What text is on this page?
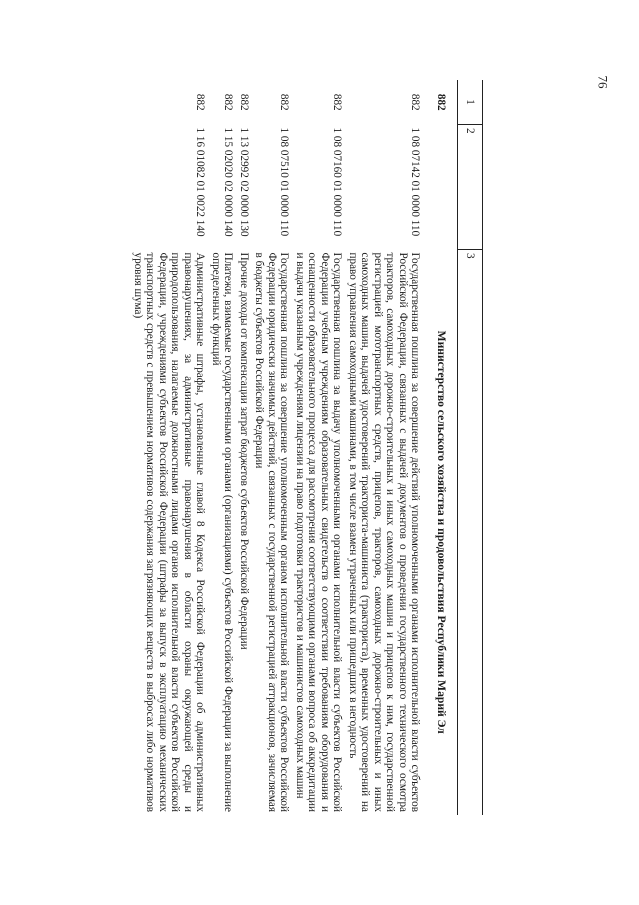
76
1	2	3
882		Министерство сельского хозяйства и продовольствия Республики Марий Эл
882	1 08 07142 01 0000 110	Государственная пошлина за совершение действий уполномоченными органами исполнительной власти субъектов Российской Федерации, связанных с выдачей документов о проведении государственного технического осмотра тракторов, самоходных дорожно-строительных и иных самоходных машин и прицепов к ним, государственной регистрацией мототранспортных средств, прицепов, тракторов, самоходных дорожно-строительных и иных самоходных машин, выдачей удостоверений тракториста-машиниста (тракториста), временных удостоверений на право управления самоходными машинами, в том числе взамен утраченных или пришедших в негодность
882	1 08 07160 01 0000 110	Государственная пошлина за выдачу уполномоченными органами исполнительной власти субъектов Российской Федерации учебным учреждениям образовательных свидетельств о соответствии требованиям оборудования и оснащенности образовательного процесса для рассмотрения соответствующими органами вопроса об аккредитации и выдачи указанным учреждениям лицензии на право подготовки трактористов и машинистов самоходных машин
882	1 08 07510 01 0000 110	Государственная пошлина за совершение уполномоченным органом исполнительной власти субъектов Российской Федерации юридически значимых действий, связанных с государственной регистрацией аттракционов, зачисляемая в бюджеты субъектов Российской Федерации
882	1 13 02992 02 0000 130	Прочие доходы от компенсации затрат бюджетов субъектов Российской Федерации
882	1 15 02020 02 0000 140	Платежи, взимаемые государственными органами (организациями) субъектов Российской Федерации за выполнение определенных функций
882	1 16 01082 01 0022 140	Административные штрафы, установленные главой 8 Кодекса Российской Федерации об административных правонарушениях, за административные правонарушения в области охраны окружающей среды и природопользования, налагаемые должностными лицами органов исполнительной власти субъектов Российской Федерации, учреждениями субъектов Российской Федерации (штрафы за выпуск в эксплуатацию механических транспортных средств с превышением нормативов содержания загрязняющих веществ в выбросах либо нормативов уровня шума)
